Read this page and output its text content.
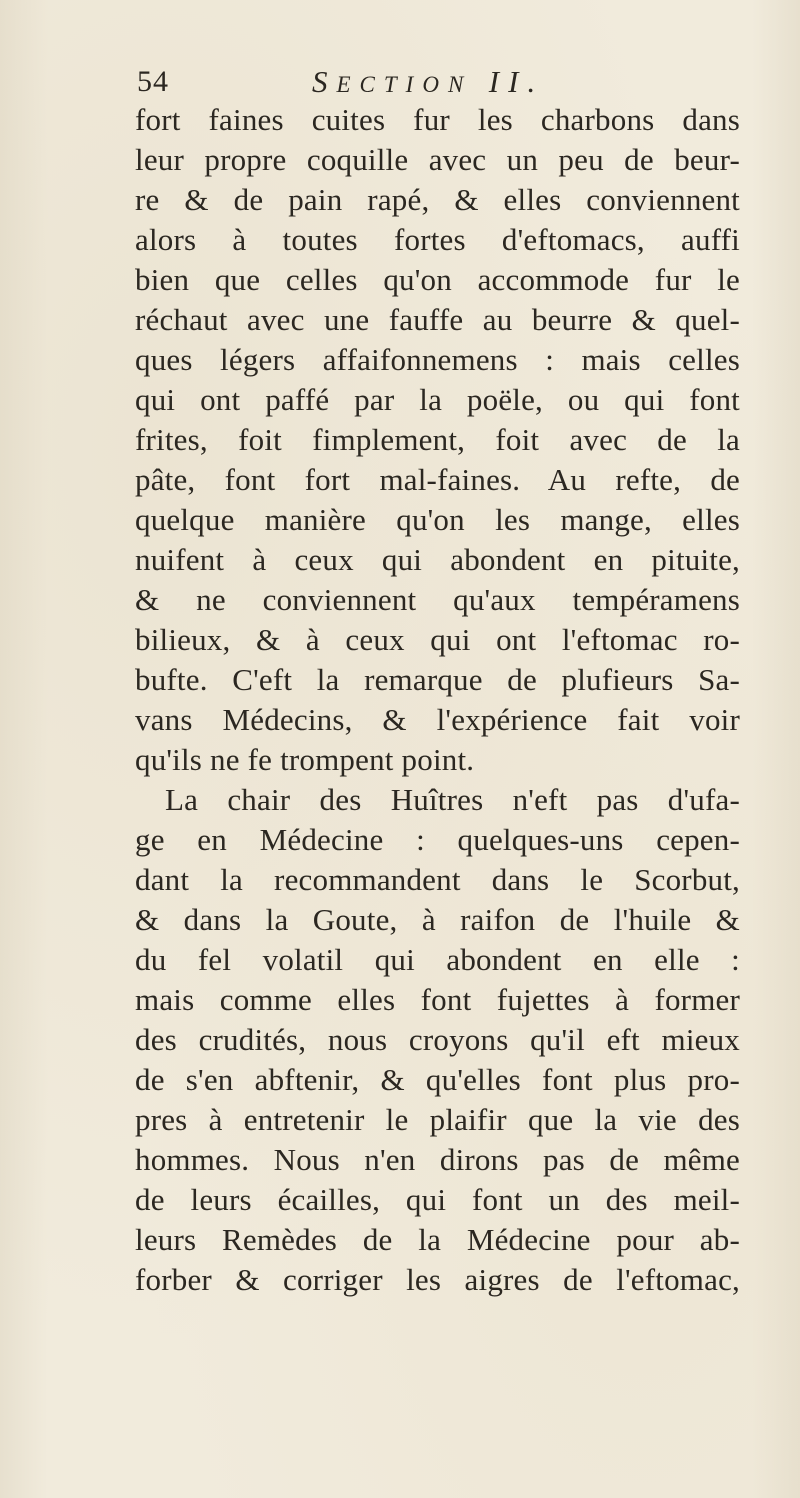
54	SECTION II.
fort faines cuites fur les charbons dans
leur propre coquille avec un peu de beur-
re & de pain rapé, & elles conviennent
alors à toutes fortes d'eftomacs, auffi
bien que celles qu'on accommode fur le
réchaut avec une fauffe au beurre & quel-
ques légers affaifonnemens : mais celles
qui ont paffé par la poële, ou qui font
frites, foit fimplement, foit avec de la
pâte, font fort mal-faines. Au refte, de
quelque manière qu'on les mange, elles
nuifent à ceux qui abondent en pituite,
& ne conviennent qu'aux tempéramens
bilieux, & à ceux qui ont l'eftomac ro-
bufte. C'eft la remarque de plufieurs Sa-
vans Médecins, & l'expérience fait voir
qu'ils ne fe trompent point.
La chair des Huîtres n'eft pas d'ufa-
ge en Médecine : quelques-uns cepen-
dant la recommandent dans le Scorbut,
& dans la Goute, à raifon de l'huile &
du fel volatil qui abondent en elle :
mais comme elles font fujettes à former
des crudités, nous croyons qu'il eft mieux
de s'en abftenir, & qu'elles font plus pro-
pres à entretenir le plaifir que la vie des
hommes. Nous n'en dirons pas de même
de leurs écailles, qui font un des meil-
leurs Remèdes de la Médecine pour ab-
forber & corriger les aigres de l'eftomac,
